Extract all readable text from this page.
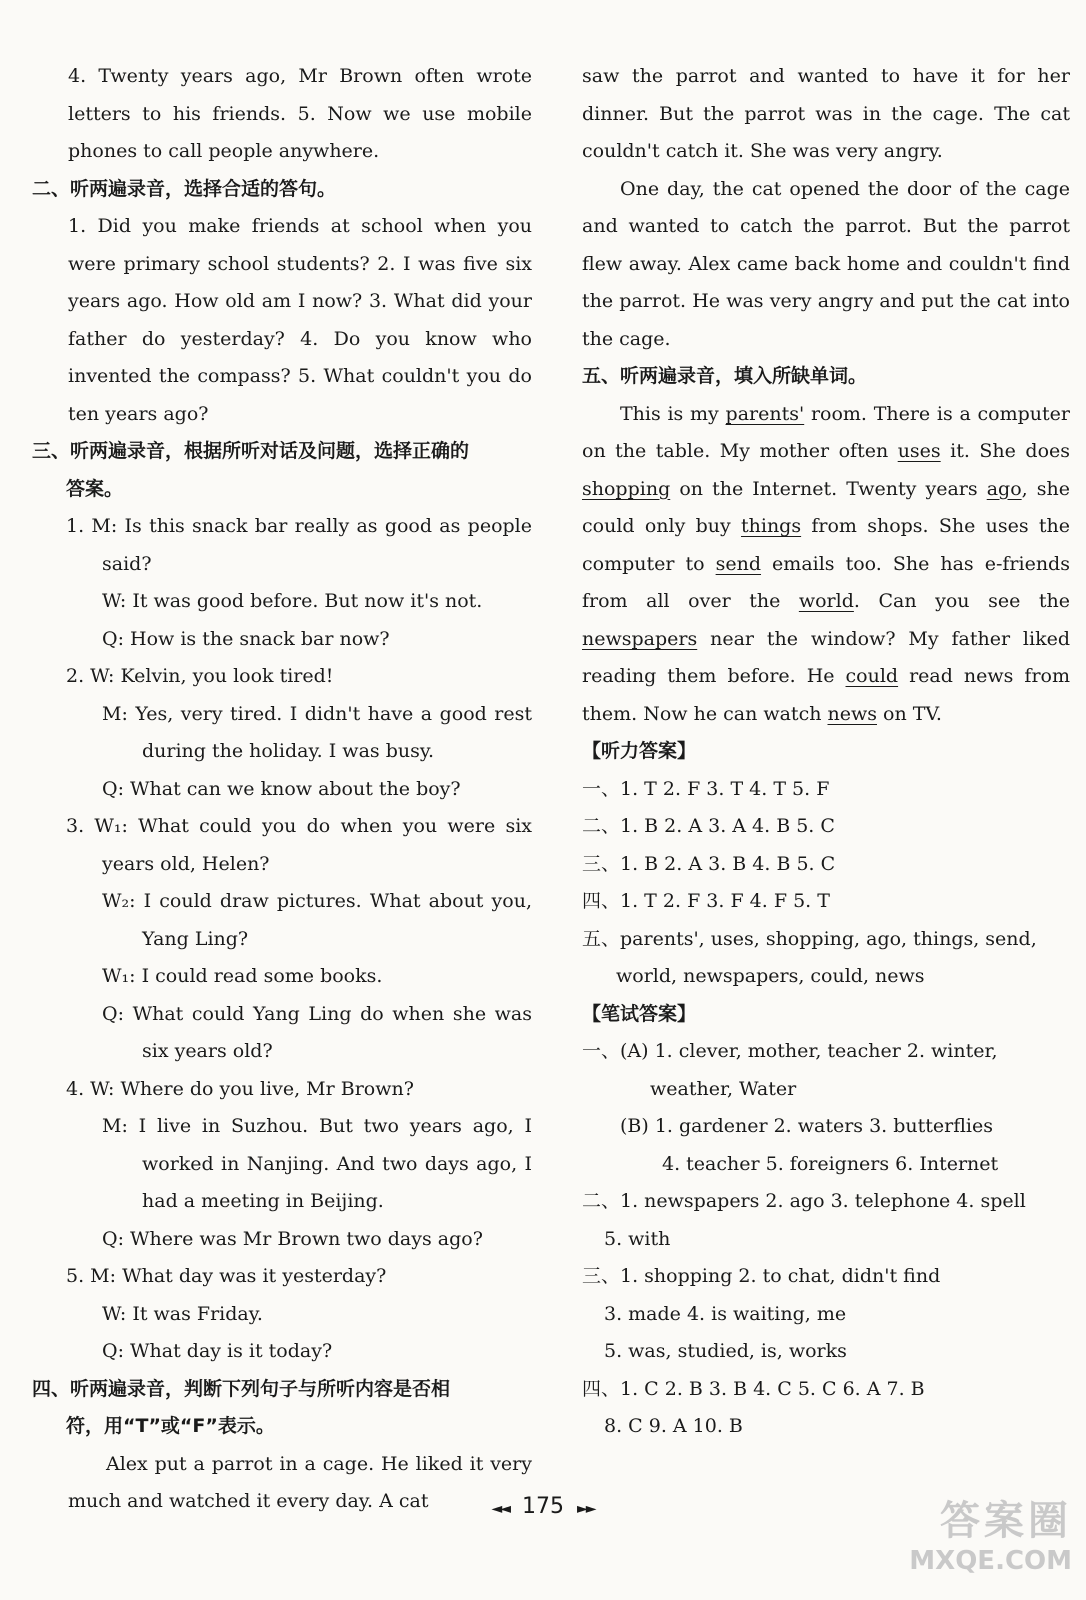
4. Twenty years ago, Mr Brown often wrote letters to his friends. 5. Now we use mobile phones to call people anywhere.
二、听两遍录音，选择合适的答句。
1. Did you make friends at school when you were primary school students? 2. I was five six years ago. How old am I now? 3. What did your father do yesterday? 4. Do you know who invented the compass? 5. What couldn't you do ten years ago?
三、听两遍录音，根据所听对话及问题，选择正确的
答案。
1. M: Is this snack bar really as good as people said?
W: It was good before. But now it's not.
Q: How is the snack bar now?
2. W: Kelvin, you look tired!
M: Yes, very tired. I didn't have a good rest during the holiday. I was busy.
Q: What can we know about the boy?
3. W₁: What could you do when you were six years old, Helen?
W₂: I could draw pictures. What about you, Yang Ling?
W₁: I could read some books.
Q: What could Yang Ling do when she was six years old?
4. W: Where do you live, Mr Brown?
M: I live in Suzhou. But two years ago, I worked in Nanjing. And two days ago, I had a meeting in Beijing.
Q: Where was Mr Brown two days ago?
5. M: What day was it yesterday?
W: It was Friday.
Q: What day is it today?
四、听两遍录音，判断下列句子与所听内容是否相
符，用“T”或“F”表示。
Alex put a parrot in a cage. He liked it very much and watched it every day. A cat
saw the parrot and wanted to have it for her dinner. But the parrot was in the cage. The cat couldn't catch it. She was very angry.
One day, the cat opened the door of the cage and wanted to catch the parrot. But the parrot flew away. Alex came back home and couldn't find the parrot. He was very angry and put the cat into the cage.
五、听两遍录音，填入所缺单词。
This is my parents' room. There is a computer on the table. My mother often uses it. She does shopping on the Internet. Twenty years ago, she could only buy things from shops. She uses the computer to send emails too. She has e-friends from all over the world. Can you see the newspapers near the window? My father liked reading them before. He could read news from them. Now he can watch news on TV.
【听力答案】
一、1. T 2. F 3. T 4. T 5. F
二、1. B 2. A 3. A 4. B 5. C
三、1. B 2. A 3. B 4. B 5. C
四、1. T 2. F 3. F 4. F 5. T
五、parents', uses, shopping, ago, things, send, world, newspapers, could, news
【笔试答案】
一、(A) 1. clever, mother, teacher 2. winter,
weather, Water
(B) 1. gardener 2. waters 3. butterflies
4. teacher 5. foreigners 6. Internet
二、1. newspapers 2. ago 3. telephone 4. spell
5. with
三、1. shopping 2. to chat, didn't find
3. made 4. is waiting, me
5. was, studied, is, works
四、1. C 2. B 3. B 4. C 5. C 6. A 7. B
8. C 9. A 10. B
◄◄ 175 ►►	答案圈
MXQE.COM
